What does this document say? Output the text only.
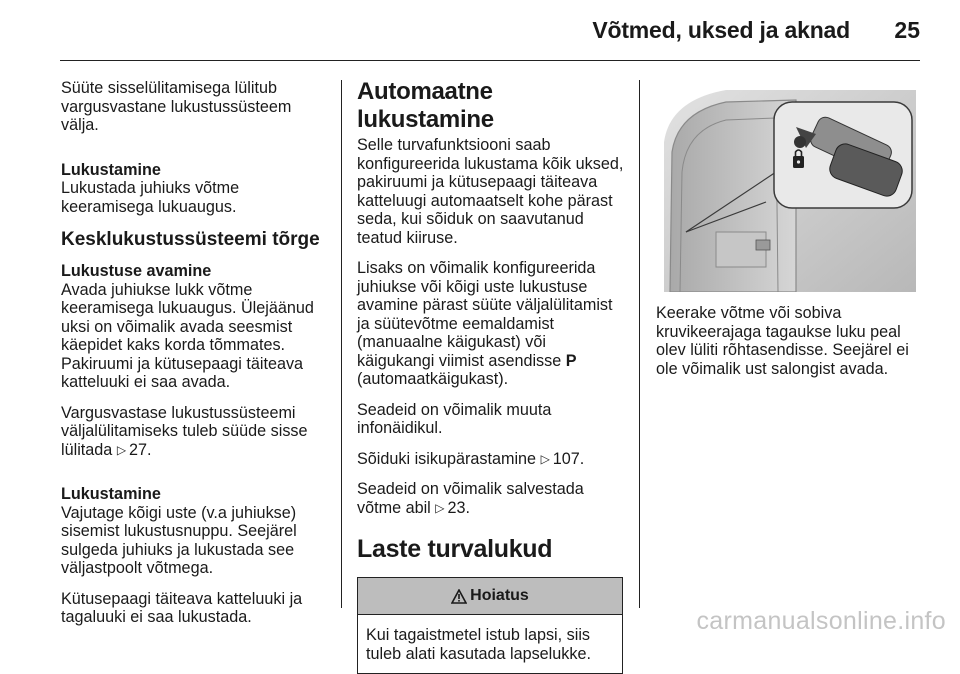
Võtmed, uksed ja aknad 25

Süüte sisselülitamisega lülitub vargusvastane lukustussüsteem välja.

Lukustamine

Lukustada juhiuks võtme keeramisega lukuaugus.

Kesklukustussüsteemi tõrge
Lukustuse avamine

Avada juhiukse lukk võtme keeramisega lukuaugus. Ülejäänud uksi on võimalik avada seesmist käepidet kaks korda tõmmates. Pakiruumi ja kütusepaagi täiteava katteluuki ei saa avada.

Vargusvastase lukustussüsteemi väljalülitamiseks tuleb süüde sisse lülitada ▷ 27.

Lukustamine

Vajutage kõigi uste (v.a juhiukse) sisemist lukustusnuppu. Seejärel sulgeda juhiuks ja lukustada see väljastpoolt võtmega.

Kütusepaagi täiteava katteluuki ja tagaluuki ei saa lukustada.

Automaatne lukustamine

Selle turvafunktsiooni saab konfigureerida lukustama kõik uksed, pakiruumi ja kütusepaagi täiteava katteluugi automaatselt kohe pärast seda, kui sõiduk on saavutanud teatud kiiruse.

Lisaks on võimalik konfigureerida juhiukse või kõigi uste lukustuse avamine pärast süüte väljalülitamist ja süütevõtme eemaldamist (manuaalne käigukast) või käigukangi viimist asendisse P
(automaatkäigukast).

Seadeid on võimalik muuta infonäidikul.

Sõiduki isikupärastamine ▷ 107.

Seadeid on võimalik salvestada võtme abil ▷ 23.

Laste turvalukud
Hoiatus
Kui tagaistmetel istub lapsi, siis tuleb alati kasutada lapselukke.

Keerake võtme või sobiva kruvikeerajaga tagaukse luku peal olev lüliti rõhtasendisse. Seejärel ei ole võimalik ust salongist avada.

carmanualsonline.info
